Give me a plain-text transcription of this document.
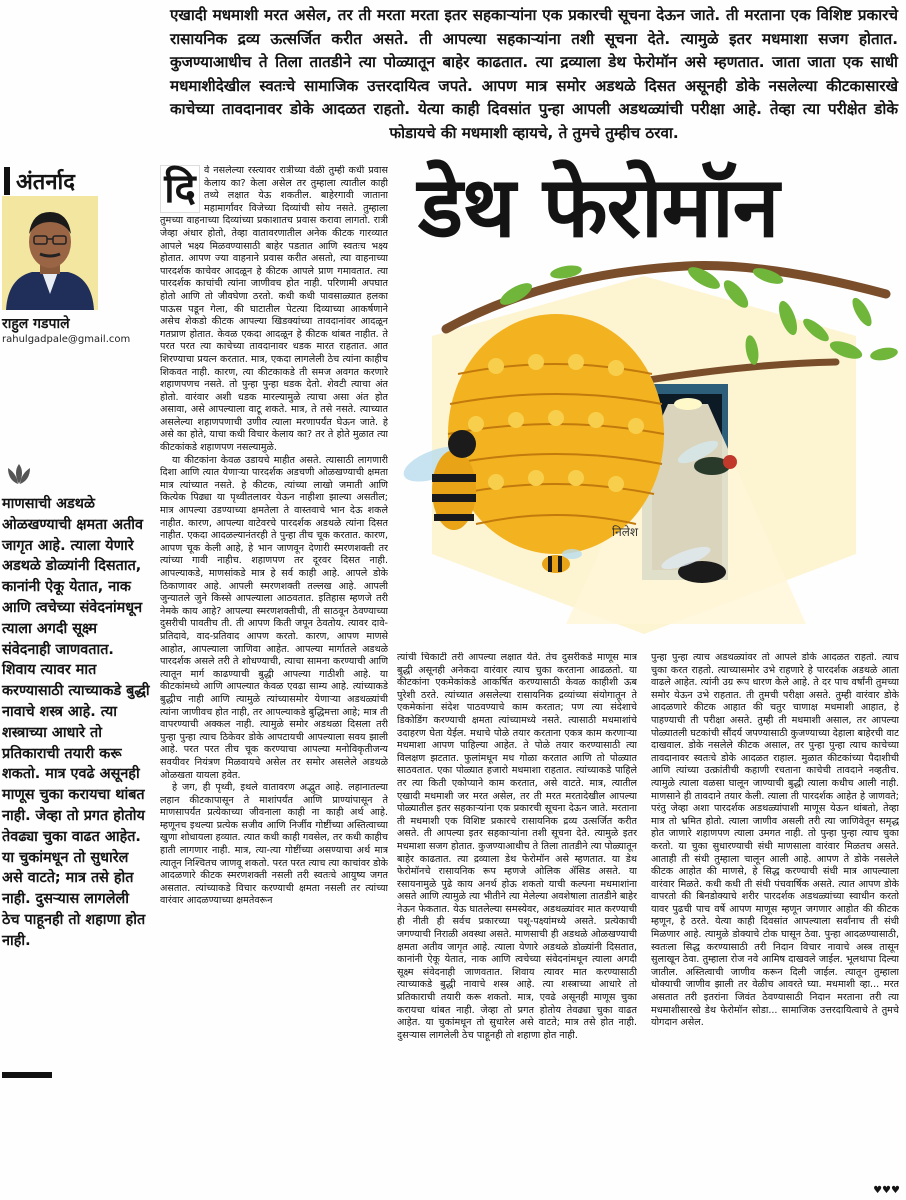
एखादी मधमाशी मरत असेल, तर ती मरता मरता इतर सहकाऱ्यांना एक प्रकारची सूचना देऊन जाते. ती मरताना एक विशिष्ट प्रकारचे रासायनिक द्रव्य ऊत्सर्जित करीत असते. ती आपल्या सहकाऱ्यांना तशी सूचना देते. त्यामुळे इतर मधमाशा सजग होतात. कुजण्याआधीच ते तिला तातडीने त्या पोळ्यातून बाहेर काढतात. त्या द्रव्याला डेथ फेरोमॉन असे म्हणतात. जाता जाता एक साधी मधमाशीदेखील स्वतःचे सामाजिक उत्तरदायित्व जपते. आपण मात्र समोर अडथळे दिसत असूनही डोके नसलेल्या कीटकासारखे काचेच्या तावदानावर डोके आदळत राहतो. येत्या काही दिवसांत पुन्हा आपली अडथळ्यांची परीक्षा आहे. तेव्हा त्या परीक्षेत डोके फोडायचे की मधमाशी व्हायचे, ते तुमचे तुम्हीच ठरवा.

अंतर्नाद
राहुल गडपाले
rahulgadpale@gmail.com

माणसाची अडथळे ओळखण्याची क्षमता अतीव जागृत आहे. त्याला येणारे अडथळे डोळ्यांनी दिसतात, कानांनी ऐकू येतात, नाक आणि त्वचेच्या संवेदनांमधून त्याला अगदी सूक्ष्म संवेदनाही जाणवतात. शिवाय त्यावर मात करण्यासाठी त्याच्याकडे बुद्धी नावाचे शस्त्र आहे. त्या शस्त्राच्या आधारे तो प्रतिकाराची तयारी करू शकतो. मात्र एवढे असूनही माणूस चुका करायचा थांबत नाही. जेव्हा तो प्रगत होतोय तेवढ्या चुका वाढत आहेत. या चुकांमधून तो सुधारेल असे वाटते; मात्र तसे होत नाही. दुसऱ्यास लागलेली ठेच पाहूनही तो शहाणा होत नाही.

डेथ फेरोमॉन
निलेश
दि वे नसलेल्या रस्त्यावर रात्रीच्या वेळी तुम्ही कधी प्रवास केलाय का? केला असेल तर तुम्हाला त्यातील काही तथ्ये लक्षात येऊ शकतील. बाहेरगावी जाताना महामार्गांवर विजेच्या दिव्यांची सोय नसते. तुम्हाला तुमच्या वाहनाच्या दिव्यांच्या प्रकाशातच प्रवास करावा लागतो. रात्री जेव्हा अंधार होतो, तेव्हा वातावरणातील अनेक कीटक गारव्यात आपले भक्ष्य मिळवण्यासाठी बाहेर पडतात आणि स्वतःच भक्ष्य होतात. आपण ज्या वाहनाने प्रवास करीत असतो, त्या वाहनाच्या पारदर्शक काचेवर आदळून हे कीटक आपले प्राण गमावतात. त्या पारदर्शक काचांची त्यांना जाणीवच होत नाही. परिणामी अपघात होतो आणि तो जीवघेणा ठरतो. कधी कधी पावसाळ्यात हलका पाऊस पडून गेला, की घाटातील पेटत्या दिव्याच्या आकर्षणाने असेच शेकडो कीटक आपल्या खिडक्यांच्या तावदानांवर आदळून गतप्राण होतात. केवळ एकदा आदळून हे कीटक थांबत नाहीत. ते परत परत त्या काचेच्या तावदानावर धडक मारत राहतात. आत शिरण्याचा प्रयत्न करतात. मात्र, एकदा लागलेली ठेच त्यांना काहीच शिकवत नाही. कारण, त्या कीटकाकडे ती समज अवगत करणारे शहाणपणच नसते. तो पुन्हा पुन्हा धडक देतो. शेवटी त्याचा अंत होतो. वारंवार अशी धडक मारल्यामुळे त्याचा असा अंत होत असावा, असे आपल्याला वाटू शकते. मात्र, ते तसे नसते. त्याच्यात असलेल्या शहाणपणाची उणीव त्याला मरणापर्यंत घेऊन जाते. हे असे का होते, याचा कधी विचार केलाय का? तर ते होते मुळात त्या कीटकांकडे शहाणपण नसल्यामुळे.

या कीटकांना केवळ उडायचे माहीत असते. त्यासाठी लागणारी दिशा आणि त्यात येणाऱ्या पारदर्शक अडचणी ओळखण्याची क्षमता मात्र त्यांच्यात नसते. हे कीटक, त्यांच्या लाखो जमाती आणि कित्येक पिढ्या या पृथ्वीतलावर येऊन नाहीशा झाल्या असतील; मात्र आपल्या उडण्याच्या क्षमतेला ते वास्तवाचे भान देऊ शकले नाहीत. कारण, आपल्या वाटेवरचे पारदर्शक अडथळे त्यांना दिसत नाहीत. एकदा आदळल्यानंतरही ते पुन्हा तीच चूक करतात. कारण, आपण चूक केली आहे, हे भान जाणवून देणारी स्मरणशक्ती तर त्यांच्या गावी नाहीच. शहाणपण तर दूरवर दिसत नाही. आपल्याकडे, माणसांकडे मात्र हे सर्व काही आहे. आपले डोके ठिकाणावर आहे. आपली स्मरणशक्ती तल्लख आहे. आपली जुन्यातले जुने किस्से आपल्याला आठवतात. इतिहास म्हणजे तरी नेमके काय आहे? आपल्या स्मरणशक्तीची, ती साठवून ठेवण्याच्या दुसरीची पावतीच ती. ती आपण किती जपून ठेवतोय. त्यावर दावे-प्रतिदावे, वाद-प्रतिवाद आपण करतो. कारण, आपण माणसे आहोत, आपल्याला जाणिवा आहेत. आपल्या मार्गातले अडथळे पारदर्शक असले तरी ते शोधण्याची, त्याचा सामना करण्याची आणि त्यातून मार्ग काढण्याची बुद्धी आपल्या गाठीशी आहे. या कीटकांमध्ये आणि आपल्यात केवळ एवढा साम्य आहे. त्यांच्याकडे बुद्धीच नाही आणि त्यामुळे त्यांच्यासमोर येणाऱ्या अडथळ्यांची त्यांना जाणीवच होत नाही, तर आपल्याकडे बुद्धिमत्ता आहे; मात्र ती वापरण्याची अक्कल नाही. त्यामुळे समोर अडथळा दिसला तरी पुन्हा पुन्हा त्याच ठिकेवर डोके आपटायची आपल्याला सवय झाली आहे. परत परत तीच चूक करण्याचा आपल्या मनोविकृतीजन्य सवयीवर नियंत्रण मिळवायचे असेल तर समोर असलेले अडथळे ओळखता यायला हवेत.

हे जग, ही पृथ्वी, इथले वातावरण अद्भुत आहे. लहानातल्या लहान कीटकापासून ते माशांपर्यंत आणि प्राण्यांपासून ते माणसापर्यंत प्रत्येकाच्या जीवनाला काही ना काही अर्थ आहे. म्हणूनच इथल्या प्रत्येक सजीव आणि निर्जीव गोष्टींच्या अस्तित्वाच्या खुणा शोधायला हव्यात. त्यात कधी काही गवसेल, तर कधी काहीच हाती लागणार नाही. मात्र, त्या-त्या गोष्टींच्या असण्याचा अर्थ मात्र त्यातून निश्चितच जाणवू शकतो. परत परत त्याच त्या काचांवर डोके आदळणारे कीटक स्मरणशक्ती नसली तरी स्वतःचे आयुष्य जगत असतात. त्यांच्याकडे विचार करण्याची क्षमता नसली तर त्यांच्या वारंवार आदळण्याच्या क्षमतेवरून

त्यांची चिकाटी तरी आपल्या लक्षात येते. तेच दुसरीकडे माणूस मात्र बुद्धी असूनही अनेकदा वारंवार त्याच चुका करताना आढळतो. या कीटकांना एकमेकांकडे आकर्षित करण्यासाठी केवळ काहीशी ऊब पुरेशी ठरते. त्यांच्यात असलेल्या रासायनिक द्रव्यांच्या संयोगातून ते एकमेकांना संदेश पाठवण्याचे काम करतात; पण त्या संदेशाचे डिकोडिंग करण्याची क्षमता त्यांच्यामध्ये नसते. त्यासाठी मधमाशांचे उदाहरण घेता येईल. मधाचे पोळे तयार करताना एकत्र काम करणाऱ्या मधमाशा आपण पाहिल्या आहेत. ते पोळे तयार करण्यासाठी त्या विलक्षण झटतात. फुलांमधून मध गोळा करतात आणि तो पोळ्यात साठवतात. एका पोळ्यात हजारो मधमाशा राहतात. त्यांच्याकडे पाहिले तर त्या किती एकोप्याने काम करतात, असे वाटते. मात्र, त्यातील एखादी मधमाशी जर मरत असेल, तर ती मरत मरतादेखील आपल्या पोळ्यातील इतर सहकाऱ्यांना एक प्रकारची सूचना देऊन जाते. मरताना ती मधमाशी एक विशिष्ट प्रकारचे रासायनिक द्रव्य उत्सर्जित करीत असते. ती आपल्या इतर सहकाऱ्यांना तशी सूचना देते. त्यामुळे इतर मधमाशा सजग होतात. कुजण्याआधीच ते तिला तातडीने त्या पोळ्यातून बाहेर काढतात. त्या द्रव्याला डेथ फेरोमॉन असे म्हणतात. या डेथ फेरोमॉनचे रासायनिक रूप म्हणजे ओलिक ॲसिड असते. या रसायनामुळे पुढे काय अनर्थ होऊ शकतो याची कल्पना मधमाशांना असते आणि त्यामुळे त्या भीतीने त्या मेलेल्या अवशेषाला तातडीने बाहेर नेऊन फेकतात. येऊ घातलेल्या समस्येवर, अडथळ्यांवर मात करण्याची ही नीती ही सर्वच प्रकारच्या पशू-पक्ष्यांमध्ये असते. प्रत्येकाची जगण्याची निराळी अवस्था असते. माणसाची ही अडथळे ओळखण्याची क्षमता अतीव जागृत आहे. त्याला येणारे अडथळे डोळ्यांनी दिसतात, कानांनी ऐकू येतात, नाक आणि त्वचेच्या संवेदनांमधून त्याला अगदी सूक्ष्म संवेदनाही जाणवतात. शिवाय त्यावर मात करण्यासाठी त्याच्याकडे बुद्धी नावाचे शस्त्र आहे. त्या शस्त्राच्या आधारे तो प्रतिकाराची तयारी करू शकतो. मात्र, एवढे असूनही माणूस चुका करायचा थांबत नाही. जेव्हा तो प्रगत होतोय तेवढ्या चुका वाढत आहेत. या चुकांमधून तो सुधारेल असे वाटते; मात्र तसे होत नाही. दुसऱ्यास लागलेली ठेच पाहूनही तो शहाणा होत नाही.

पुन्हा पुन्हा त्याच अडथळ्यांवर तो आपले डोके आदळत राहतो. त्याच चुका करत राहतो. त्याच्यासमोर उभे राहणारे हे पारदर्शक अडथळे आता वाढले आहेत. त्यांनी उग्र रूप धारण केले आहे. ते दर पाच वर्षांनी तुमच्या समोर येऊन उभे राहतात. ती तुमची परीक्षा असते. तुम्ही वारंवार डोके आदळणारे कीटक आहात की चतुर चाणाक्ष मधमाशी आहात, हे पाहण्याची ती परीक्षा असते. तुम्ही ती मधमाशी असाल, तर आपल्या पोळ्यातली घटकांची सौंदर्य जपण्यासाठी कुजण्याच्या देहाला बाहेरची वाट दाखवाल. डोके नसलेले कीटक असाल, तर पुन्हा पुन्हा त्याच काचेच्या तावदानावर स्वतःचे डोके आदळत राहाल. मुळात कीटकांच्या पैदाशीची आणि त्यांच्या उत्क्रांतीची कहाणी रचताना काचेची तावदाने नव्हतीच. त्यामुळे त्याला वळसा घालून जाण्याची बुद्धी त्याला कधीच आली नाही. माणसाने ही तावदाने तयार केली. त्याला ती पारदर्शक आहेत हे जाणवते; परंतु जेव्हा अशा पारदर्शक अडथळ्यांपाशी माणूस येऊन थांबतो, तेव्हा मात्र तो भ्रमित होतो. त्याला जाणीव असली तरी त्या जाणिवेतून समृद्ध होत जाणारे शहाणपण त्याला उमगत नाही. तो पुन्हा पुन्हा त्याच चुका करतो. या चुका सुधारण्याची संधी माणसाला वारंवार मिळतच असते. आताही ती संधी तुम्हाला चालून आली आहे. आपण ते डोके नसलेले कीटक आहोत की माणसे, हे सिद्ध करण्याची संधी मात्र आपल्याला वारंवार मिळते. कधी कधी ती संधी पंचवार्षिक असते. त्यात आपण डोके वापरतो की बिनडोक्याचे शरीर पारदर्शक अडथळ्यांच्या स्वाधीन करतो यावर पुढची पाच वर्षे आपण माणूस म्हणून जगणार आहोत की कीटक म्हणून, हे ठरते. येत्या काही दिवसांत आपल्याला सर्वांनाच ती संधी मिळणार आहे. त्यामुळे डोक्याचे टोक घासून ठेवा. पुन्हा आदळण्यासाठी, स्वतःला सिद्ध करण्यासाठी तरी निदान विचार नावाचे अस्त्र तासून सुलाखून ठेवा. तुम्हाला रोज नवे आमिष दाखवले जाईल. भूलथापा दिल्या जातील. अस्तित्वाची जाणीव करून दिली जाईल. त्यातून तुम्हाला धोक्याची जाणीव झाली तर वेळीच आवरते घ्या. मधमाशी व्हा... मरत असतात तरी इतरांना जिवंत ठेवण्यासाठी निदान मरताना तरी त्या मधमाशीसारखे डेथ फेरोमॉन सोडा... सामाजिक उत्तरदायित्वाचे ते तुमचे योगदान असेल.

♥♥♥
